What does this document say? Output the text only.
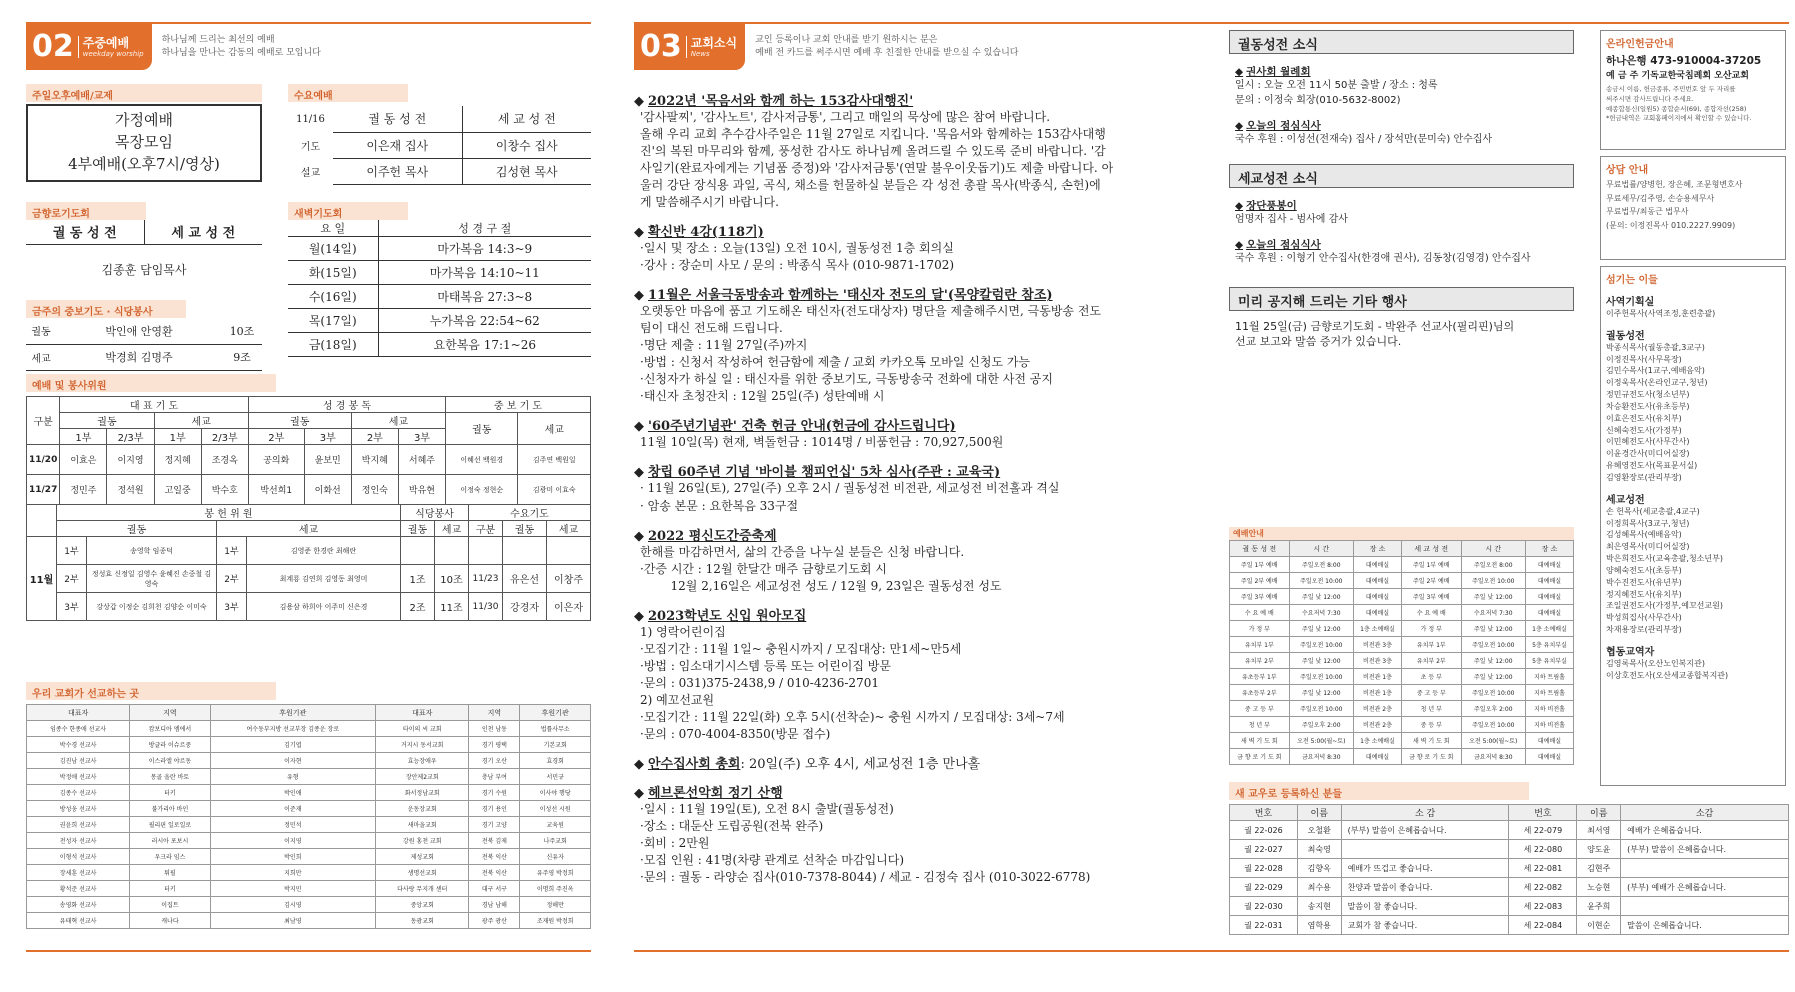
02 주중예배
weekday worship
하나님께 드리는 최선의 예배
하나님을 만나는 감동의 예배로 모입니다
주일오후예배/교제
가정예배
목장모임
4부예배(오후7시/영상)
수요예배
11/16	궐 동 성 전	세 교 성 전
기도	이은재 집사	이창수 집사
설교	이주헌 목사	김성현 목사
금향로기도회
궐 동 성 전	세 교 성 전
김종훈 담임목사
새벽기도회
요 일	성 경 구 절
월(14일)	마가복음 14:3~9
화(15일)	마가복음 14:10~11
수(16일)	마태복음 27:3~8
목(17일)	누가복음 22:54~62
금(18일)	요한복음 17:1~26
금주의 중보기도 · 식당봉사
궐동	박인애 안영환	10조
세교	박경희 김명주	9조
예배 및 봉사위원
구분	대 표 기 도				성 경 봉 독				중 보 기 도	
	궐동		세교		궐동		세교		궐동	세교
	1부	2/3부	1부	2/3부	2부	3부	2부	3부		
11/20	이효은	이지영	정지혜	조경옥	공의화	윤보민	박지혜	서혜주	이혜선 백원경	김주연 백원일
11/27	정민주	정석원	고일중	박수호	박선희1	이화선	정인숙	박유현	이정숙 정현순	김광미 이효숙
	봉 헌 위 원				식당봉사		수요기도		
	궐동		세교		궐동	세교	구분	궐동	세교
11월	1부	송영학 임종덕	1부	김영준 한경란 최해란					
	2부	정성효 신정일 김영수 윤혜진 손중철 김영숙	2부	최계룡 김연희 김영동 최영미	1조	10조	11/23	유은선	이창주
	3부	강상갑 이정순 김희천 김양순 이미숙	3부	김용삼 하희아 이주미 신은경	2조	11조	11/30	강경자	이은자
우리 교회가 선교하는 곳
대표자	지역	후원기관	대표자	지역	후원기관
임종수 한종애 선교사	캄보디아 엠에서	여수동부지방 선교부장 김종운 장로	타이의 씨 교회	인천 남동	법률사무소
박수경 선교사	방글라 이슈르중	김기엽	거지시 동서교회	경기 평택	기본교회
김진남 선교사	이스라엘 야르동	이자현	효능장애우	경기 오산	효경회
박정애 선교사	몽골 올란 바토	유형	장안제2교회	충남 부여	서민규
김종수 선교사	터키	박인애	화서정남교회	경기 수원	이사야 행당
방성웅 선교사	불가리아 바인	이준재	운동장교회	경기 용인	이성선 시원
권윤희 선교사	필리핀 일로일로	정민석	새마을교회	경기 고양	교육원
전성자 선교사	러시아 포보시	이지영	강원 홍천 교회	전북 김제	나주교회
이형석 선교사	우크라 임스	박인희	제성교회	전북 익산	신유자
장세훈 선교사	튀필	지희만	생명선교회	전북 익산	유주영 박정희
황석준 선교사	터키	박지민	다사랑 무지개 센터	대구 서구	이명희 주진옥
송영화 선교사	이집트	김시영	중앙교회	경남 남해	정해만
유태혁 선교사	캐나다	최남영	동광교회	광주 광산	조재원 박정희
03 교회소식
News
교인 등록이나 교회 안내를 받기 원하시는 분은
예배 전 카드를 써주시면 예배 후 친절한 안내를 받으실 수 있습니다
◆ 2022년 '목음서와 함께 하는 153감사대행진'
'감사팔찌', '감사노트', 감사저금통', 그리고 매일의 묵상에 많은 참여 바랍니다.
올해 우리 교회 추수감사주일은 11월 27일로 지킵니다. '목음서와 함께하는 153감사대행
진'의 복된 마무리와 함께, 풍성한 감사도 하나님께 올려드릴 수 있도록 준비 바랍니다. '감
사일기(완료자에게는 기념품 증정)와 '감사저금통'(연말 불우이웃돕기)도 제출 바랍니다. 아
울러 강단 장식용 과일, 곡식, 채소를 헌물하실 분들은 각 성전 총괄 목사(박종식, 손헌)에
게 말씀해주시기 바랍니다.
◆ 확신반 4강(118기)
·일시 및 장소 : 오늘(13일) 오전 10시, 궐동성전 1층 회의실
·강사 : 장순미 사모 / 문의 : 박종식 목사 (010-9871-1702)
◆ 11월은 서울극동방송과 함께하는 '태신자 전도의 달'(목양칼럼란 참조)
오랫동안 마음에 품고 기도해온 태신자(전도대상자) 명단을 제출해주시면, 극동방송 전도
팀이 대신 전도해 드립니다.
·명단 제출 : 11월 27일(주)까지
·방법 : 신청서 작성하여 헌금함에 제출 / 교회 카카오톡 모바일 신청도 가능
·신청자가 하실 일 : 태신자를 위한 중보기도, 극동방송국 전화에 대한 사전 공지
·태신자 초청잔치 : 12월 25일(주) 성탄예배 시
◆ '60주년기념관' 건축 헌금 안내(헌금에 감사드립니다)
11월 10일(목) 현재, 벽돌헌금 : 1014명 / 비품헌금 : 70,927,500원
◆ 창립 60주년 기념 '바이블 챔피언십' 5차 심사(주관 : 교육국)
· 11월 26일(토), 27일(주) 오후 2시 / 궐동성전 비전관, 세교성전 비전홀과 격실
· 암송 본문 : 요한복음 33구절
◆ 2022 평신도간증축제
한해를 마감하면서, 삶의 간증을 나누실 분들은 신청 바랍니다.
·간증 시간 : 12월 한달간 매주 금향로기도회 시
12월 2,16일은 세교성전 성도 / 12월 9, 23일은 궐동성전 성도
◆ 2023학년도 신입 원아모집
1) 영락어린이집
·모집기간 : 11월 1일~ 충원시까지 / 모집대상: 만1세~만5세
·방법 : 임소대기시스템 등록 또는 어린이집 방문
·문의 : 031)375-2438,9 / 010-4236-2701
2) 예꼬선교원
·모집기간 : 11월 22일(화) 오후 5시(선착순)~ 충원 시까지 / 모집대상: 3세~7세
·문의 : 070-4004-8350(방문 접수)
◆ 안수집사회 총회: 20일(주) 오후 4시, 세교성전 1층 만나홀
◆ 헤브론선악회 정기 산행
·일시 : 11월 19일(토), 오전 8시 출발(궐동성전)
·장소 : 대둔산 도립공원(전북 완주)
·회비 : 2만원
·모집 인원 : 41명(차량 관계로 선착순 마감입니다)
·문의 : 궐동 - 라양순 집사(010-7378-8044) / 세교 - 김정숙 집사 (010-3022-6778)
궐동성전 소식
◆ 권사회 월례회
일시 : 오늘 오전 11시 50분 출발 / 장소 : 청록
문의 : 이정숙 회장(010-5632-8002)
◆ 오늘의 점심식사
국수 후원 : 이성선(전재숙) 집사 / 장석만(문미숙) 안수집사
세교성전 소식
◆ 장단풍봉이
엄명자 집사 - 범사에 감사
◆ 오늘의 점심식사
국수 후원 : 이형기 안수집사(한경애 권사), 김동창(김영경) 안수집사
미리 공지해 드리는 기타 행사
11월 25일(금) 금향로기도회 - 박완주 선교사(필리핀)님의
선교 보고와 말씀 증거가 있습니다.
예배안내
궐 동 성 전	시 간	장 소	세 교 성 전	시 간	장 소
주일 1부 예배	주일오전 8:00	대예배실	주일 1부 예배	주일오전 8:00	대예배실
주일 2부 예배	주일오전 10:00	대예배실	주일 2부 예배	주일오전 10:00	대예배실
주일 3부 예배	주일 낮 12:00	대예배실	주일 3부 예배	주일 낮 12:00	대예배실
수 요 예 배	수요저녁 7:30	대예배실	수 요 예 배	수요저녁 7:30	대예배실
가 정 부	주일 낮 12:00	1층 소예배실	가 정 부	주일 낮 12:00	1층 소예배실
유치부 1부	주일오전 10:00	비전관 3층	유치부 1부	주일오전 10:00	5층 유치부실
유치부 2부	주일 낮 12:00	비전관 3층	유치부 2부	주일 낮 12:00	5층 유치부실
유초등부 1부	주일오전 10:00	비전관 1층	초 등 부	주일 낮 12:00	지하 트림홀
유초등부 2부	주일 낮 12:00	비전관 1층	중 고 등 부	주일오전 10:00	지하 트림홀
중 고 등 부	주일오전 10:00	비전관 2층	청 년 부	주일오후 2:00	지하 비전홀
청 년 부	주일오후 2:00	비전관 2층	중 등 부	주일오전 10:00	지하 비전홀
새 벽 기 도 회	오전 5:00(월~토)	1층 소예배실	새 벽 기 도 회	오전 5:00(월~토)	대예배실
금 향 로 기 도 회	금요저녁 8:30	대예배실	금 향 로 기 도 회	금요저녁 8:30	대예배실
새 교우로 등록하신 분들
번호	이름	소 감	번호	이름	소감
궐 22-026	오철환	(부부) 말씀이 은혜롭습니다.	세 22-079	최서영	예배가 은혜롭습니다.
궐 22-027	최숙영		세 22-080	양도윤	(부부) 말씀이 은혜롭습니다.
궐 22-028	김향옥	예배가 뜨겁고 좋습니다.	세 22-081	김현주	
궐 22-029	최수용	찬양과 말씀이 좋습니다.	세 22-082	노승현	(부부) 예배가 은혜롭습니다.
궐 22-030	송지현	말씀이 참 좋습니다.	세 22-083	윤주희	
궐 22-031	염학용	교회가 참 좋습니다.	세 22-084	이현순	말씀이 은혜롭습니다.
온라인헌금안내
하나은행 473-910004-37205
예 금 주 기독교한국침례회 오산교회
송금시 이름, 헌금종류, 주민번호 앞 두 자리를
써주시면 감사드립니다 주세요.
예종합통신(일원5) 종합순서(69), 종합자선(258)
*헌금내역은 교회홈페이지에서 확인할 수 있습니다.
상담 안내
무료법률/양병헌, 장은혜, 조문형변호사
무료세무/김주영, 손승용세무사
무료법무/최동근 법무사
(문의: 이정진목사 010.2227.9909)
섬기는 이들
사역기획실
이주헌목사(사역조정,훈련총괄)
궐동성전
박종식목사(궐동총괄,3교구)
이정진목사(사무목장)
김민수목사(1교구,예배음악)
이정욱목사(온라인교구,청년)
정민규전도사(청소년부)
차승환전도사(유초등부)
이효은전도사(유치부)
신혜숙전도사(가정부)
이민혜전도사(사무간사)
이윤경간사(미디어실장)
유혜영전도사(목표문서실)
김영환장로(관리부장)
세교성전
손 헌목사(세교총괄,4교구)
이정희목사(3교구,청년)
김성혜목사(예배음악)
최은영목사(미디어실장)
박은희전도사(교육총괄,청소년부)
양혜숙전도사(초등부)
박수진전도사(유년부)
정지혜전도사(유치부)
조일권전도사(가정부,예꼬선교원)
박성희집사(사무간사)
차재용장로(관리부장)
협동교역자
김영록목사(오산노인복지관)
이상호전도사(오산세교종합복지관)
